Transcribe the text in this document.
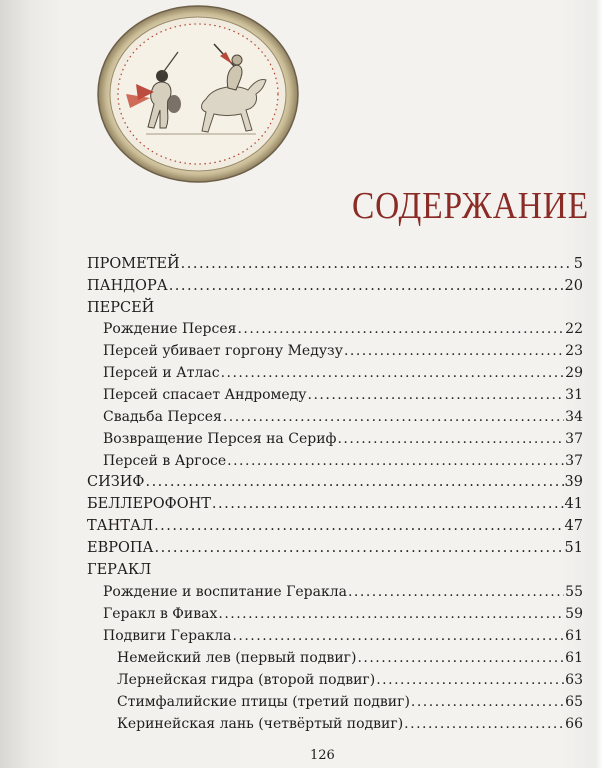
СОДЕРЖАНИЕ
ПРОМЕТЕЙ .....	5
ПАНДОРА .....	20
ПЕРСЕЙ
Рождение Персея .....	22
Персей убивает горгону Медузу .....	23
Персей и Атлас .....	29
Персей спасает Андромеду .....	31
Свадьба Персея .....	34
Возвращение Персея на Сериф .....	37
Персей в Аргосе .....	37
СИЗИФ .....	39
БЕЛЛЕРОФОНТ .....	41
ТАНТАЛ .....	47
ЕВРОПА .....	51
ГЕРАКЛ
Рождение и воспитание Геракла .....	55
Геракл в Фивах .....	59
Подвиги Геракла .....	61
Немейский лев (первый подвиг) .....	61
Лернейская гидра (второй подвиг) .....	63
Стимфалийские птицы (третий подвиг) .....	65
Керинейская лань (четвёртый подвиг) .....	66
126
